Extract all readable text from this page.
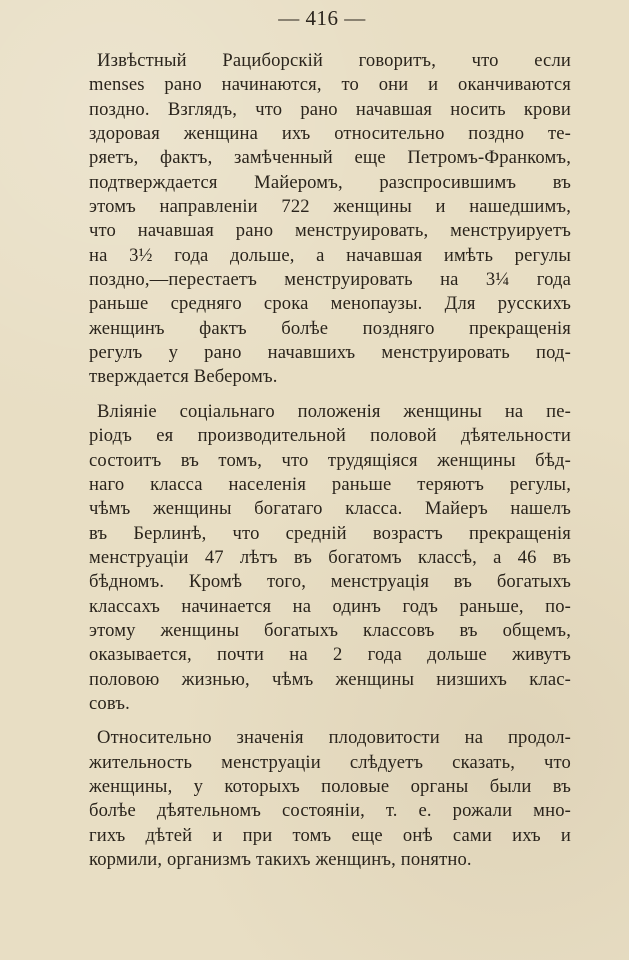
— 416 —
Извѣстный Рациборскій говоритъ, что если
menses рано начинаются, то они и оканчиваются
поздно. Взглядъ, что рано начавшая носить крови
здоровая женщина ихъ относительно поздно те-
ряетъ, фактъ, замѣченный еще Петромъ-Франкомъ,
подтверждается Майеромъ, разспросившимъ въ
этомъ направленіи 722 женщины и нашедшимъ,
что начавшая рано менструировать, менструируетъ
на 3½ года дольше, а начавшая имѣть регулы
поздно,—перестаетъ менструировать на 3¼ года
раньше средняго срока менопаузы. Для русскихъ
женщинъ фактъ болѣе поздняго прекращенія
регулъ у рано начавшихъ менструировать под-
тверждается Веберомъ.
Вліяніе соціальнаго положенія женщины на пе-
ріодъ ея производительной половой дѣятельности
состоитъ въ томъ, что трудящіяся женщины бѣд-
наго класса населенія раньше теряютъ регулы,
чѣмъ женщины богатаго класса. Майеръ нашелъ
въ Берлинѣ, что средній возрастъ прекращенія
менструаціи 47 лѣтъ въ богатомъ классѣ, а 46 въ
бѣдномъ. Кромѣ того, менструація въ богатыхъ
классахъ начинается на одинъ годъ раньше, по-
этому женщины богатыхъ классовъ въ общемъ,
оказывается, почти на 2 года дольше живутъ
половою жизнью, чѣмъ женщины низшихъ клас-
совъ.
Относительно значенія плодовитости на продол-
жительность менструаціи слѣдуетъ сказать, что
женщины, у которыхъ половые органы были въ
болѣе дѣятельномъ состояніи, т. е. рожали мно-
гихъ дѣтей и при томъ еще онѣ сами ихъ и
кормили, организмъ такихъ женщинъ, понятно.
